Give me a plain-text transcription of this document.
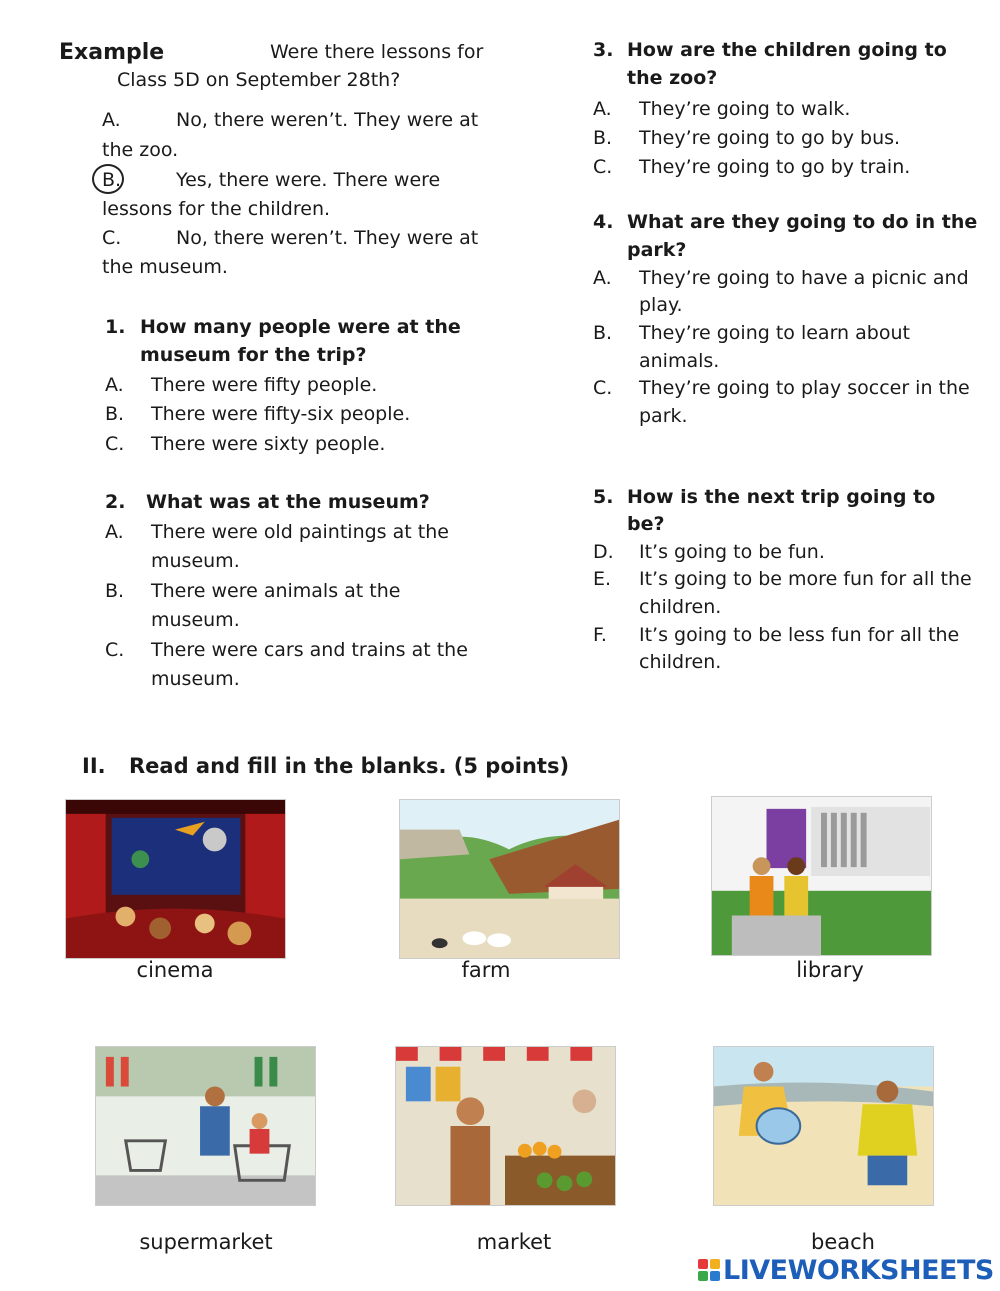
Example	Were there lessons for
Class 5D on September 28th?
A.	No, there weren’t. They were at
the zoo.
B.	Yes, there were. There were
lessons for the children.
C.	No, there weren’t. They were at
the museum.
1. How many people were at the
museum for the trip?
A. There were fifty people.
B. There were fifty-six people.
C. There were sixty people.
2. What was at the museum?
A. There were old paintings at the
museum.
B. There were animals at the
museum.
C. There were cars and trains at the
museum.
3. How are the children going to
the zoo?
A. They’re going to walk.
B. They’re going to go by bus.
C. They’re going to go by train.
4. What are they going to do in the
park?
A. They’re going to have a picnic and
play.
B. They’re going to learn about
animals.
C. They’re going to play soccer in the
park.
5. How is the next trip going to
be?
D. It’s going to be fun.
E. It’s going to be more fun for all the
children.
F. It’s going to be less fun for all the
children.
II. Read and fill in the blanks. (5 points)
cinema	farm	library
supermarket	market	beach
LIVEWORKSHEETS
